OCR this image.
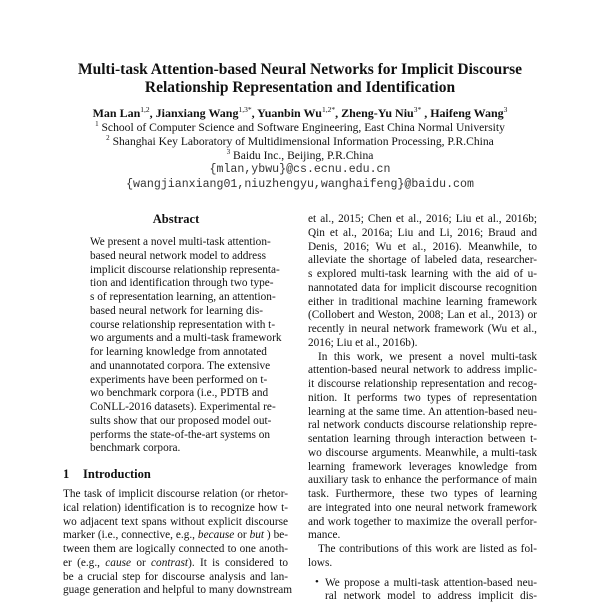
Multi-task Attention-based Neural Networks for Implicit Discourse
Relationship Representation and Identification
Man Lan$^{1,2}$, Jianxiang Wang$^{1,3*}$, Yuanbin $Wu^{1,2*}$, Zheng-Yu Niu$^{3*}$ , Haifeng Wang$^3$
$^1$ School of Computer Science and Software Engineering, East China Normal University
$^2$ Shanghai Key Laboratory of Multidimensional Information Processing, P.R.China
$^3$ Baidu Inc., Beijing, P.R.China
{mlan,ybwu}@cs.ecnu.edu.cn
{wangjianxiang01,niuzhengyu,wanghaifeng}@baidu.com
Abstract
1 Introduction
We present a novel multi-task attention-
based neural network model to address
implicit discourse relationship representa-
tion and identification through two type-
s of representation learning, an attention-
based neural network for learning dis-
course relationship representation with t-
wo arguments and a multi-task framework
for learning knowledge from annotated
and unannotated corpora. The extensive
experiments have been performed on t-
wo benchmark corpora (i.e., PDTB and
CoNLL-2016 datasets). Experimental re-
sults show that our proposed model out-
performs the state-of-the-art systems on
benchmark corpora.
The task of implicit discourse relation (or rhetor-
ical relation) identification is to recognize how t-
wo adjacent text spans without explicit discourse
marker (i.e., connective, e.g., because or but ) be-
tween them are logically connected to one anoth-
er (e.g., cause or contrast). It is considered to
be a crucial step for discourse analysis and lan-
guage generation and helpful to many downstream
et al., 2015; Chen et al., 2016; Liu et al., 2016b;
Qin et al., 2016a; Liu and Li, 2016; Braud and
Denis, 2016; Wu et al., 2016). Meanwhile, to
alleviate the shortage of labeled data, researcher-
s explored multi-task learning with the aid of u-
nannotated data for implicit discourse recognition
either in traditional machine learning framework
(Collobert and Weston, 2008; Lan et al., 2013) or
recently in neural network framework (Wu et al.,
2016; Liu et al., 2016b).
In this work, we present a novel multi-task
attention-based neural network to address implic-
it discourse relationship representation and recog-
nition. It performs two types of representation
learning at the same time. An attention-based neu-
ral network conducts discourse relationship repre-
sentation learning through interaction between t-
wo discourse arguments. Meanwhile, a multi-task
learning framework leverages knowledge from
auxiliary task to enhance the performance of main
task. Furthermore, these two types of learning
are integrated into one neural network framework
and work together to maximize the overall perfor-
mance.
The contributions of this work are listed as fol-
lows.
• We propose a multi-task attention-based neu-
ral network model to address implicit dis-
